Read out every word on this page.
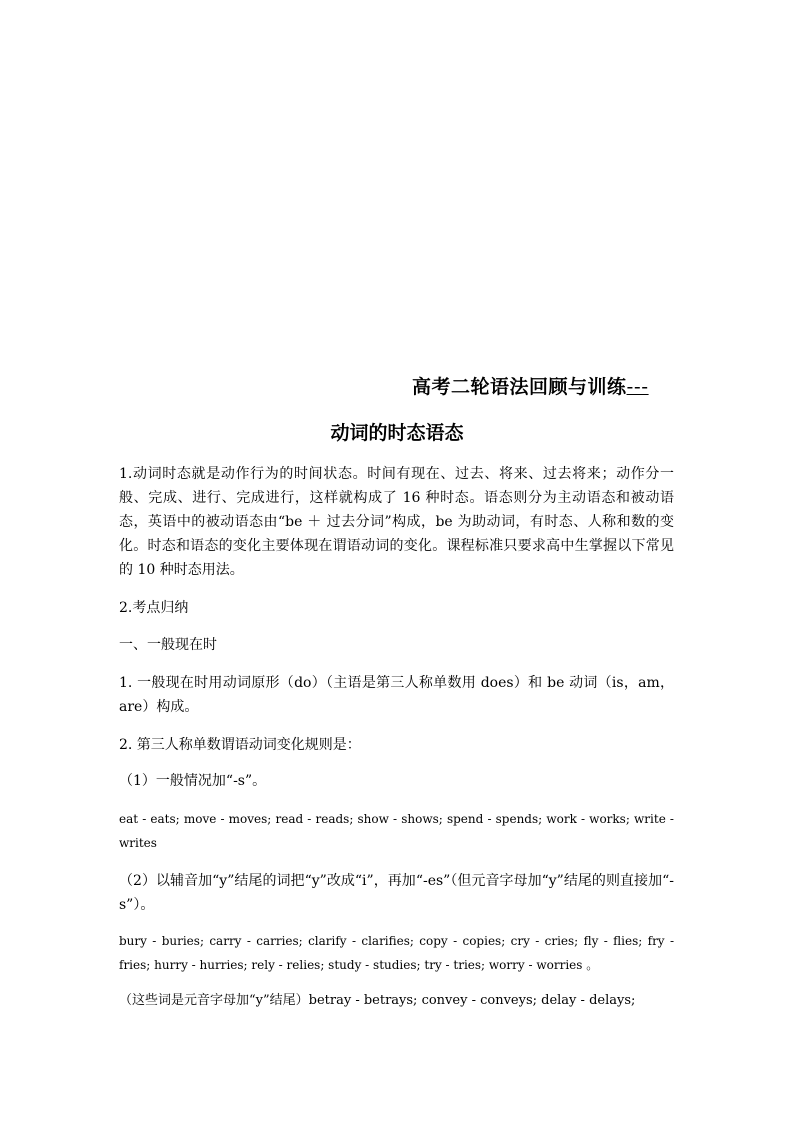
高考二轮语法回顾与训练---
动词的时态语态
1.动词时态就是动作行为的时间状态。时间有现在、过去、将来、过去将来；动作分一般、完成、进行、完成进行，这样就构成了 16 种时态。语态则分为主动语态和被动语态，英语中的被动语态由“be ＋ 过去分词”构成，be 为助动词，有时态、人称和数的变化。时态和语态的变化主要体现在谓语动词的变化。课程标准只要求高中生掌握以下常见的 10 种时态用法。
2.考点归纳
一、一般现在时
1. 一般现在时用动词原形（do）（主语是第三人称单数用 does）和 be 动词（is，am，are）构成。
2. 第三人称单数谓语动词变化规则是：
（1）一般情况加“-s”。
eat - eats; move - moves; read - reads; show - shows; spend - spends; work - works; write - writes
（2）以辅音加“y”结尾的词把“y”改成“i”，再加“-es”（但元音字母加“y”结尾的则直接加“-s”）。
bury - buries; carry - carries; clarify - clarifies; copy - copies; cry - cries; fly - flies; fry - fries; hurry - hurries; rely - relies; study - studies; try - tries; worry - worries 。
（这些词是元音字母加“y”结尾）betray - betrays; convey - conveys; delay - delays;
